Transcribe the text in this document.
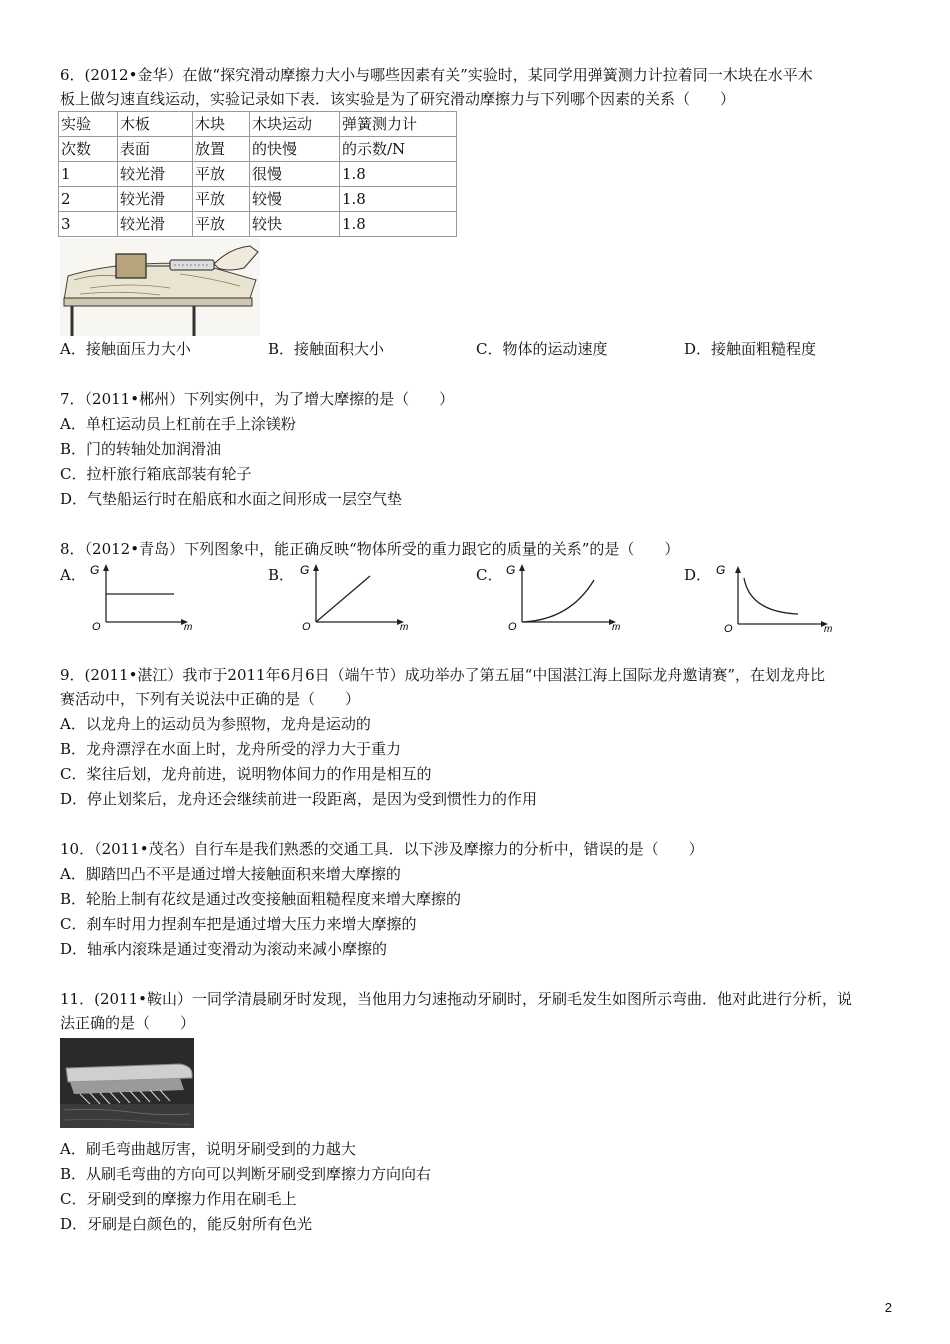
6．(2012•金华）在做“探究滑动摩擦力大小与哪些因素有关”实验时，某同学用弹簧测力计拉着同一木块在水平木
板上做匀速直线运动，实验记录如下表．该实验是为了研究滑动摩擦力与下列哪个因素的关系（　　）
实验	木板	木块	木块运动	弹簧测力计
次数	表面	放置	的快慢	的示数/N
1	较光滑	平放	很慢	1.8
2	较光滑	平放	较慢	1.8
3	较光滑	平放	较快	1.8
A．接触面压力大小	B．接触面积大小	C．物体的运动速度	D．接触面粗糙程度
7．（2011•郴州）下列实例中，为了增大摩擦的是（　　）
A．单杠运动员上杠前在手上涂镁粉
B．门的转轴处加润滑油
C．拉杆旅行箱底部装有轮子
D．气垫船运行时在船底和水面之间形成一层空气垫
8．（2012•青岛）下列图象中，能正确反映“物体所受的重力跟它的质量的关系”的是（　　）
A． G
O	m
B． G
O	m
C． G
O	m
D． G
O	m
9．(2011•湛江）我市于2011年6月6日（端午节）成功举办了第五届“中国湛江海上国际龙舟邀请赛”，在划龙舟比
赛活动中，下列有关说法中正确的是（　　）
A．以龙舟上的运动员为参照物，龙舟是运动的
B．龙舟漂浮在水面上时，龙舟所受的浮力大于重力
C．桨往后划，龙舟前进，说明物体间力的作用是相互的
D．停止划桨后，龙舟还会继续前进一段距离，是因为受到惯性力的作用
10．（2011•茂名）自行车是我们熟悉的交通工具．以下涉及摩擦力的分析中，错误的是（　　）
A．脚踏凹凸不平是通过增大接触面积来增大摩擦的
B．轮胎上制有花纹是通过改变接触面粗糙程度来增大摩擦的
C．刹车时用力捏刹车把是通过增大压力来增大摩擦的
D．轴承内滚珠是通过变滑动为滚动来减小摩擦的
11．(2011•鞍山）一同学清晨刷牙时发现，当他用力匀速拖动牙刷时，牙刷毛发生如图所示弯曲．他对此进行分析，说
法正确的是（　　）
A．刷毛弯曲越厉害，说明牙刷受到的力越大
B．从刷毛弯曲的方向可以判断牙刷受到摩擦力方向向右
C．牙刷受到的摩擦力作用在刷毛上
D．牙刷是白颜色的，能反射所有色光
2
